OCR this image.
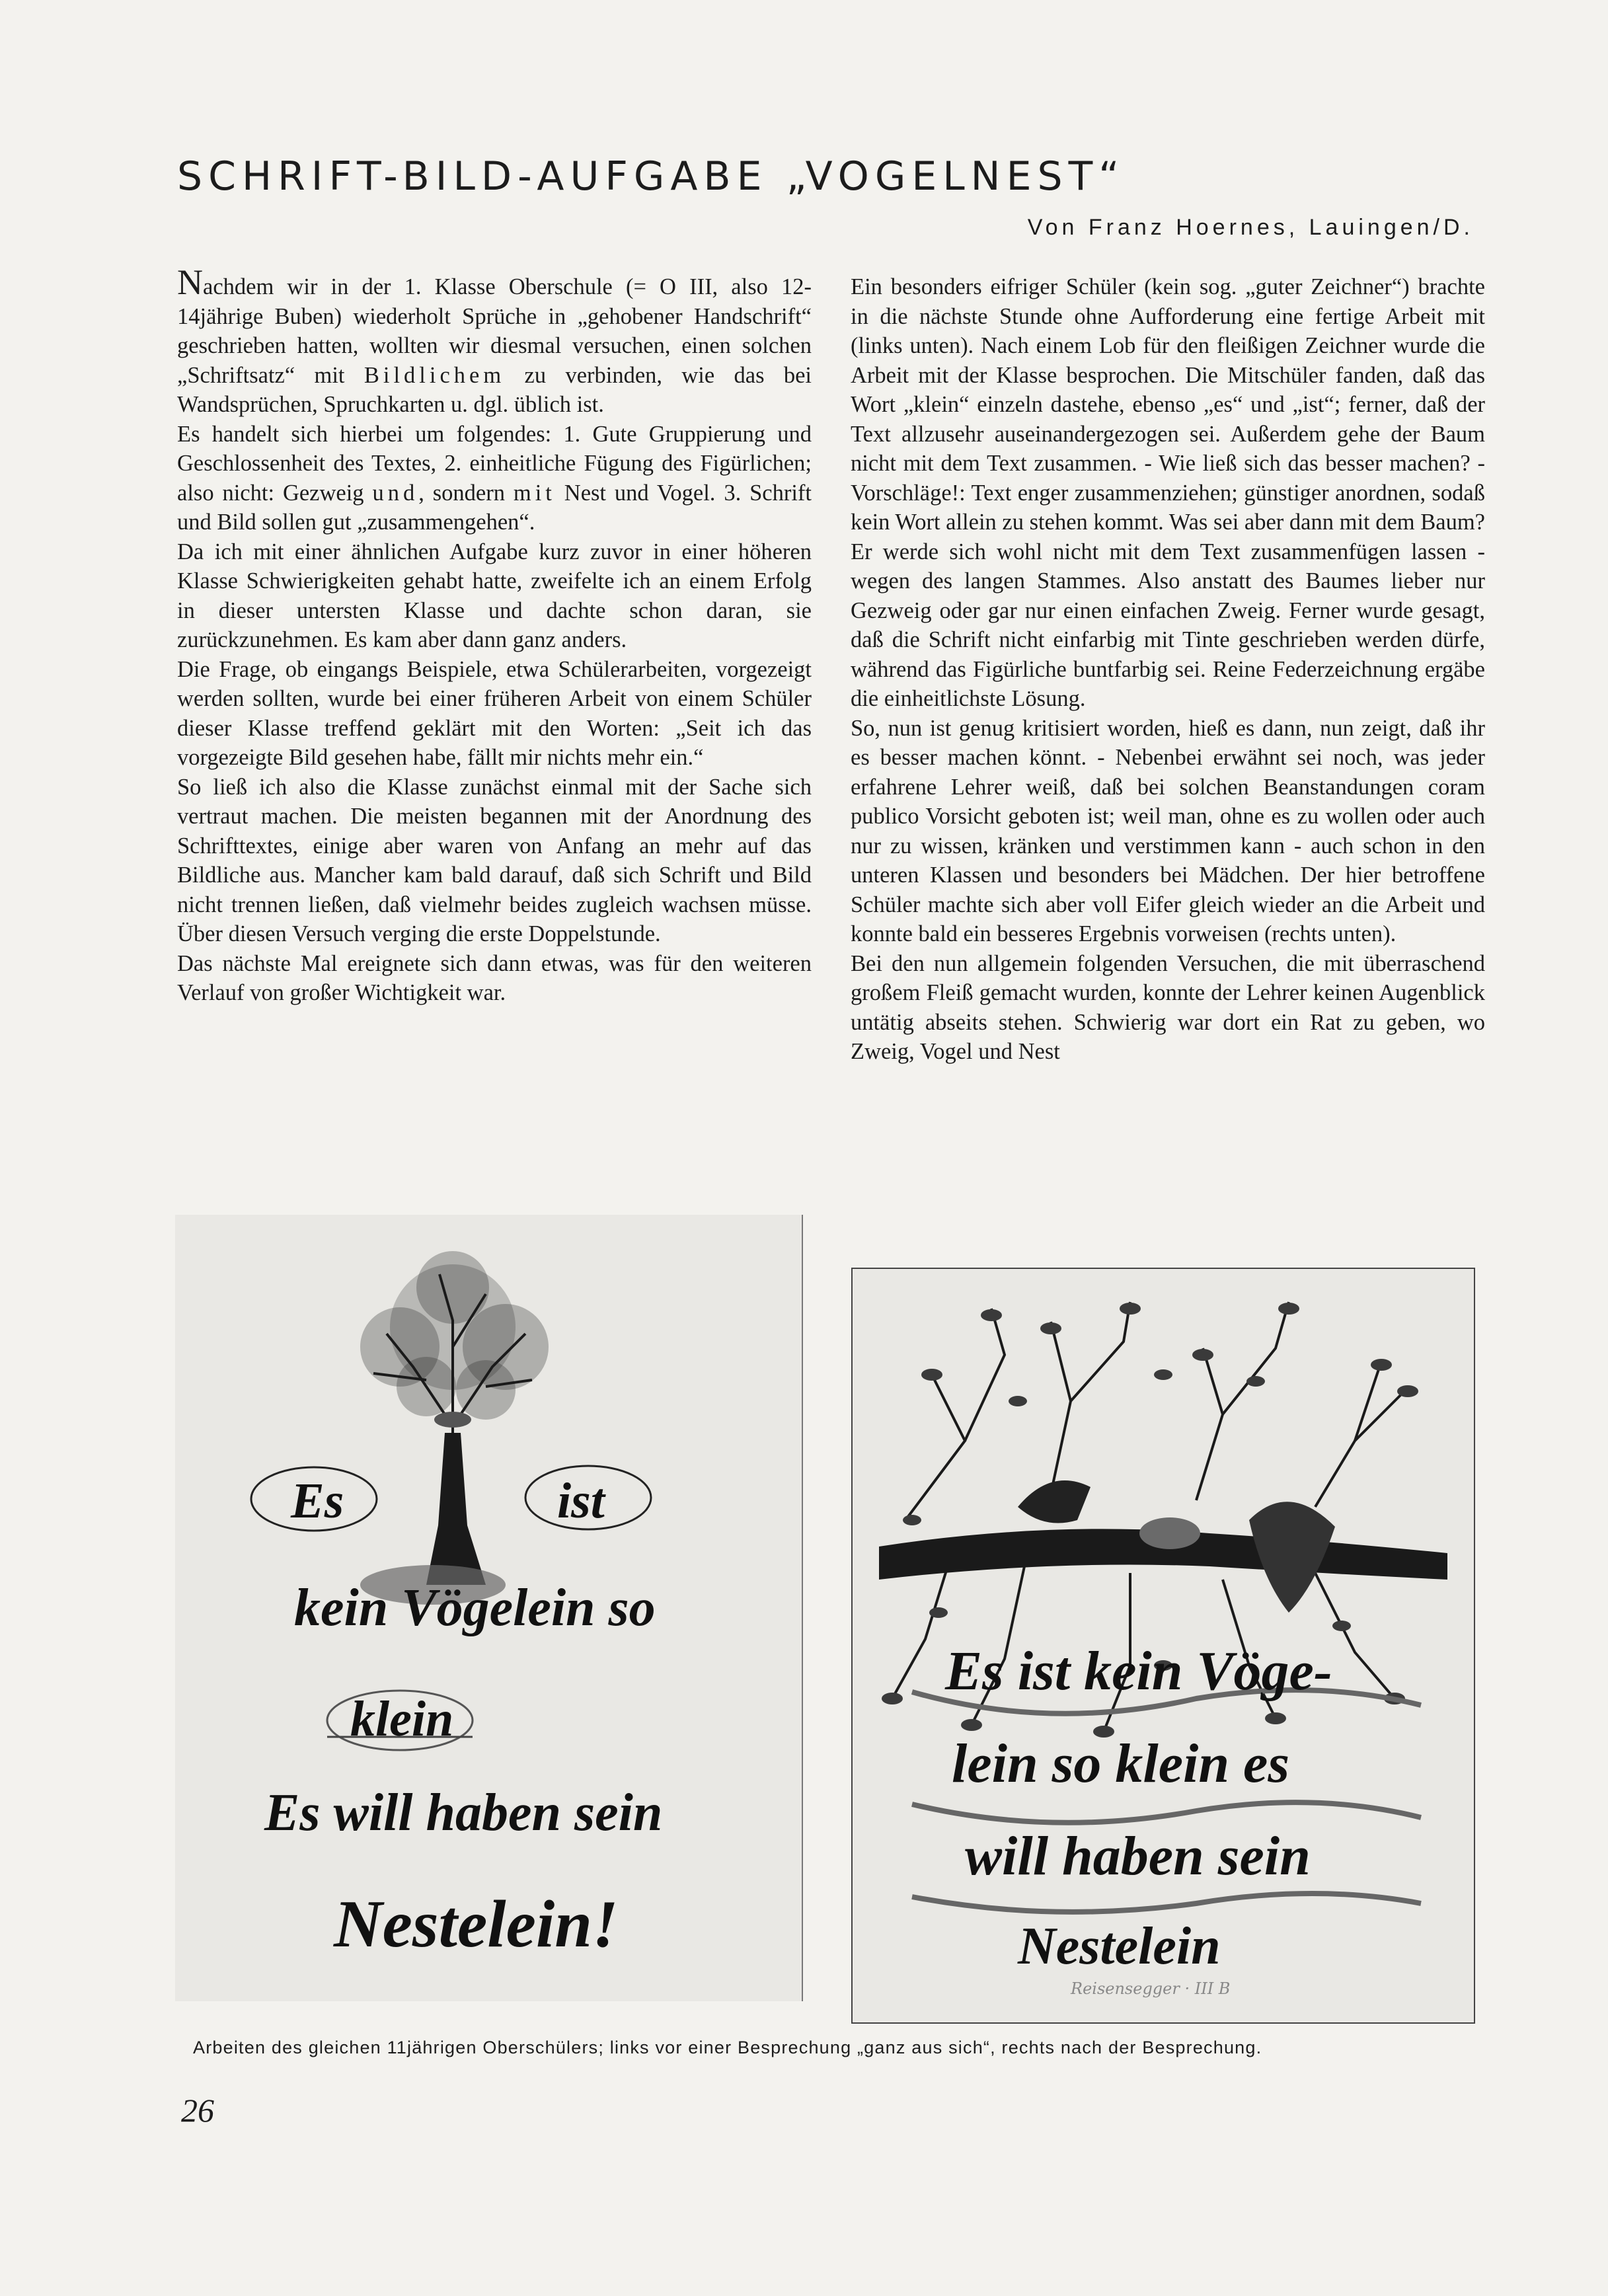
SCHRIFT-BILD-AUFGABE „VOGELNEST“
Von Franz Hoernes, Lauingen/D.

Nachdem wir in der 1. Klasse Oberschule (= O III, also 12-14jährige Buben) wiederholt Sprüche in „gehobener Handschrift“ geschrieben hatten, wollten wir diesmal versuchen, einen solchen „Schriftsatz“ mit Bildlichem zu verbinden, wie das bei Wandsprüchen, Spruchkarten u. dgl. üblich ist.

Es handelt sich hierbei um folgendes: 1. Gute Gruppierung und Geschlossenheit des Textes, 2. einheitliche Fügung des Figürlichen; also nicht: Gezweig und, sondern mit Nest und Vogel. 3. Schrift und Bild sollen gut „zusammengehen“.

Da ich mit einer ähnlichen Aufgabe kurz zuvor in einer höheren Klasse Schwierigkeiten gehabt hatte, zweifelte ich an einem Erfolg in dieser untersten Klasse und dachte schon daran, sie zurückzunehmen. Es kam aber dann ganz anders.

Die Frage, ob eingangs Beispiele, etwa Schülerarbeiten, vorgezeigt werden sollten, wurde bei einer früheren Arbeit von einem Schüler dieser Klasse treffend geklärt mit den Worten: „Seit ich das vorgezeigte Bild gesehen habe, fällt mir nichts mehr ein.“

So ließ ich also die Klasse zunächst einmal mit der Sache sich vertraut machen. Die meisten begannen mit der Anordnung des Schrifttextes, einige aber waren von Anfang an mehr auf das Bildliche aus. Mancher kam bald darauf, daß sich Schrift und Bild nicht trennen ließen, daß vielmehr beides zugleich wachsen müsse. Über diesen Versuch verging die erste Doppelstunde.

Das nächste Mal ereignete sich dann etwas, was für den weiteren Verlauf von großer Wichtigkeit war.

Ein besonders eifriger Schüler (kein sog. „guter Zeichner“) brachte in die nächste Stunde ohne Aufforderung eine fertige Arbeit mit (links unten). Nach einem Lob für den fleißigen Zeichner wurde die Arbeit mit der Klasse besprochen. Die Mitschüler fanden, daß das Wort „klein“ einzeln dastehe, ebenso „es“ und „ist“; ferner, daß der Text allzusehr auseinandergezogen sei. Außerdem gehe der Baum nicht mit dem Text zusammen. - Wie ließ sich das besser machen? - Vorschläge!: Text enger zusammenziehen; günstiger anordnen, sodaß kein Wort allein zu stehen kommt. Was sei aber dann mit dem Baum? Er werde sich wohl nicht mit dem Text zusammenfügen lassen - wegen des langen Stammes. Also anstatt des Baumes lieber nur Gezweig oder gar nur einen einfachen Zweig. Ferner wurde gesagt, daß die Schrift nicht einfarbig mit Tinte geschrieben werden dürfe, während das Figürliche buntfarbig sei. Reine Federzeichnung ergäbe die einheitlichste Lösung.

So, nun ist genug kritisiert worden, hieß es dann, nun zeigt, daß ihr es besser machen könnt. - Nebenbei erwähnt sei noch, was jeder erfahrene Lehrer weiß, daß bei solchen Beanstandungen coram publico Vorsicht geboten ist; weil man, ohne es zu wollen oder auch nur zu wissen, kränken und verstimmen kann - auch schon in den unteren Klassen und besonders bei Mädchen. Der hier betroffene Schüler machte sich aber voll Eifer gleich wieder an die Arbeit und konnte bald ein besseres Ergebnis vorweisen (rechts unten).

Bei den nun allgemein folgenden Versuchen, die mit überraschend großem Fleiß gemacht wurden, konnte der Lehrer keinen Augenblick untätig abseits stehen. Schwierig war dort ein Rat zu geben, wo Zweig, Vogel und Nest

Es	ist
kein Vögelein so
klein
Es will haben sein
Nestelein!
Es ist kein Vöge-
lein so klein es
will haben sein
Nestelein
Reisensegger · III B
Arbeiten des gleichen 11jährigen Oberschülers; links vor einer Besprechung „ganz aus sich“, rechts nach der Besprechung.
26
